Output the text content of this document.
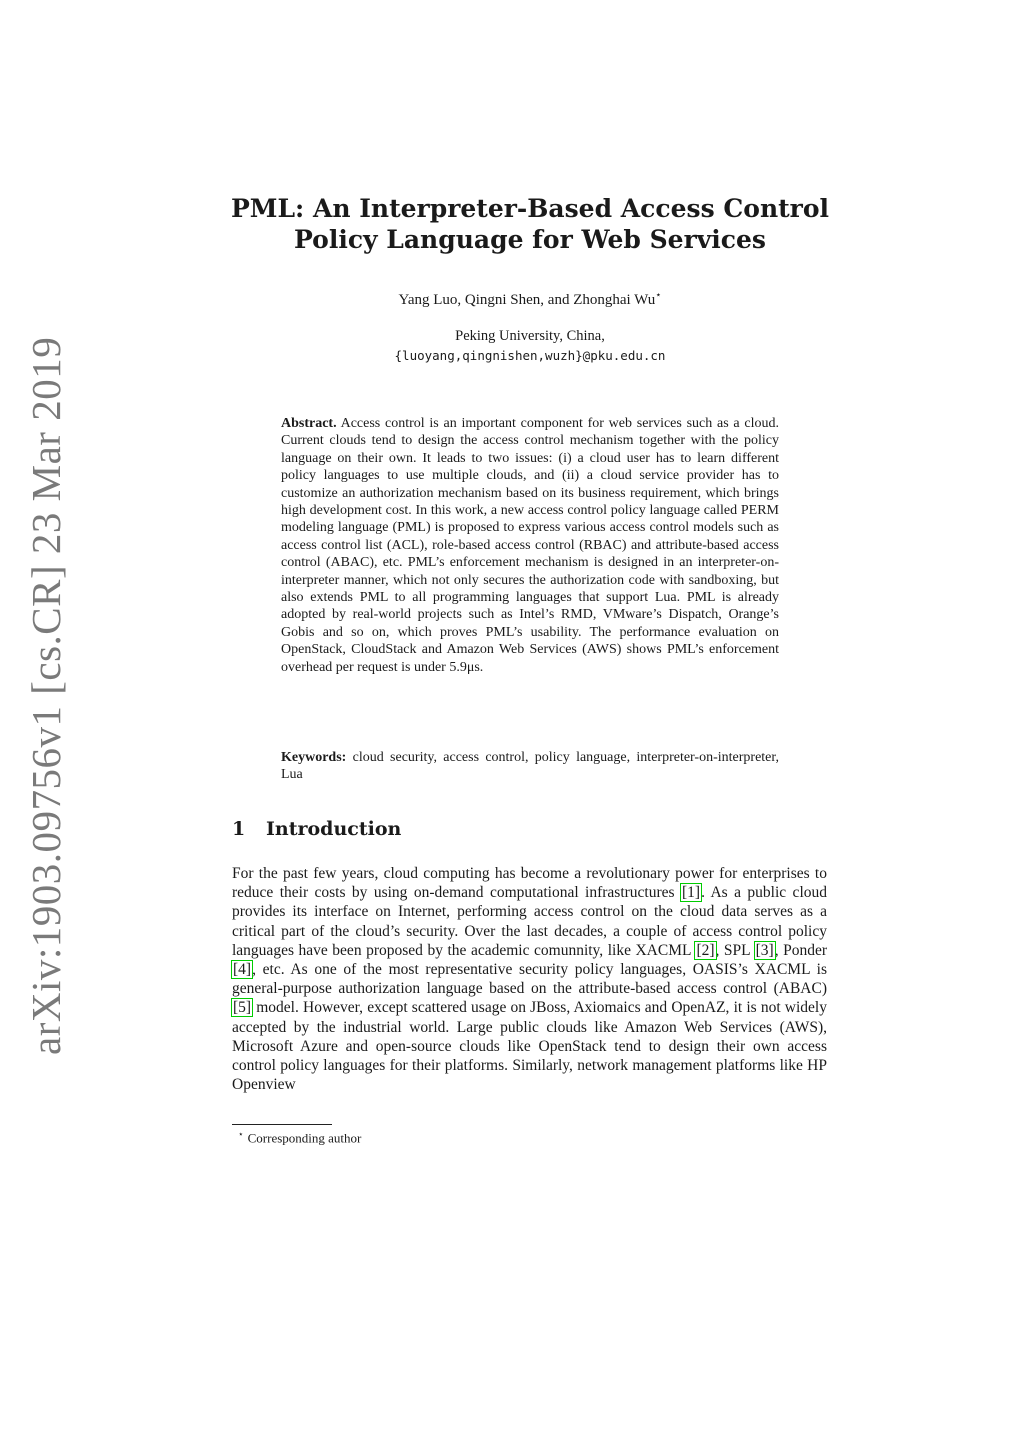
arXiv:1903.09756v1 [cs.CR] 23 Mar 2019
PML: An Interpreter-Based Access Control
Policy Language for Web Services
Yang Luo, Qingni Shen, and Zhonghai Wu⋆
Peking University, China,
{luoyang,qingnishen,wuzh}@pku.edu.cn
Abstract. Access control is an important component for web services such as a cloud. Current clouds tend to design the access control mechanism together with the policy language on their own. It leads to two issues: (i) a cloud user has to learn different policy languages to use multiple clouds, and (ii) a cloud service provider has to customize an authorization mechanism based on its business requirement, which brings high development cost. In this work, a new access control policy language called PERM modeling language (PML) is proposed to express various access control models such as access control list (ACL), role-based access control (RBAC) and attribute-based access control (ABAC), etc. PML’s enforcement mechanism is designed in an interpreter-on-interpreter manner, which not only secures the authorization code with sandboxing, but also extends PML to all programming languages that support Lua. PML is already adopted by real-world projects such as Intel’s RMD, VMware’s Dispatch, Orange’s Gobis and so on, which proves PML’s usability. The performance evaluation on OpenStack, CloudStack and Amazon Web Services (AWS) shows PML’s enforcement overhead per request is under 5.9μs.
Keywords: cloud security, access control, policy language, interpreter-on-interpreter, Lua
1 Introduction
For the past few years, cloud computing has become a revolutionary power for enterprises to reduce their costs by using on-demand computational infrastructures [1]. As a public cloud provides its interface on Internet, performing access control on the cloud data serves as a critical part of the cloud’s security. Over the last decades, a couple of access control policy languages have been proposed by the academic comunnity, like XACML [2], SPL [3], Ponder [4], etc. As one of the most representative security policy languages, OASIS’s XACML is general-purpose authorization language based on the attribute-based access control (ABAC) [5] model. However, except scattered usage on JBoss, Axiomaics and OpenAZ, it is not widely accepted by the industrial world. Large public clouds like Amazon Web Services (AWS), Microsoft Azure and open-source clouds like OpenStack tend to design their own access control policy languages for their platforms. Similarly, network management platforms like HP Openview
⋆ Corresponding author
